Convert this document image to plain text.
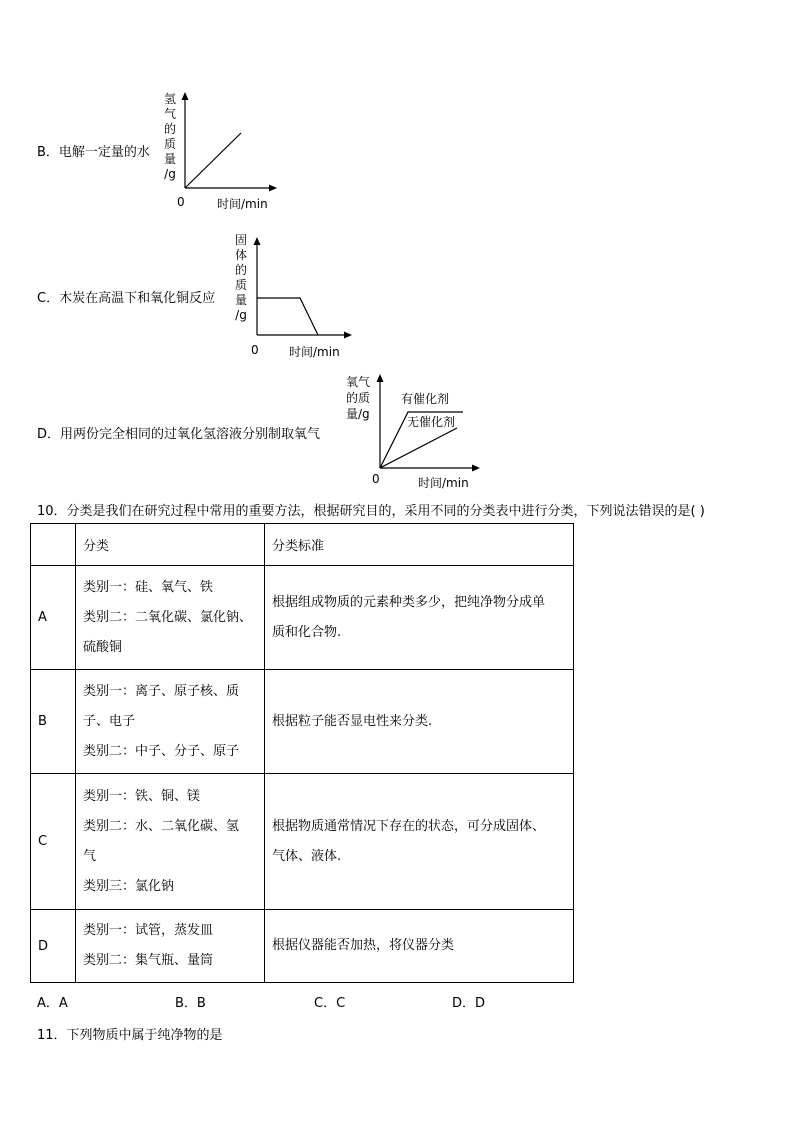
B．电解一定量的水
氢
气
的
质
量
/g
0	时间/min
C．木炭在高温下和氧化铜反应
固
体
的
质
量
/g
0	时间/min
D．用两份完全相同的过氧化氢溶液分别制取氧气
氧气
的质
量/g
有催化剂
无催化剂
0	时间/min
10．分类是我们在研究过程中常用的重要方法，根据研究目的，采用不同的分类表中进行分类，下列说法错误的是( )
	分类	分类标准
A	类别一：硅、氧气、铁
类别二：二氧化碳、氯化钠、
硫酸铜	根据组成物质的元素种类多少，把纯净物分成单
质和化合物.

B	类别一：离子、原子核、质
子、电子
类别二：中子、分子、原子	根据粒子能否显电性来分类.

C	类别一：铁、铜、镁
类别二：水、二氧化碳、氢
气
类别三：氯化钠	根据物质通常情况下存在的状态，可分成固体、
气体、液体.

D	类别一：试管，蒸发皿
类别二：集气瓶、量筒	根据仪器能否加热，将仪器分类
A．A	B．B	C．C	D．D
11．下列物质中属于纯净物的是
